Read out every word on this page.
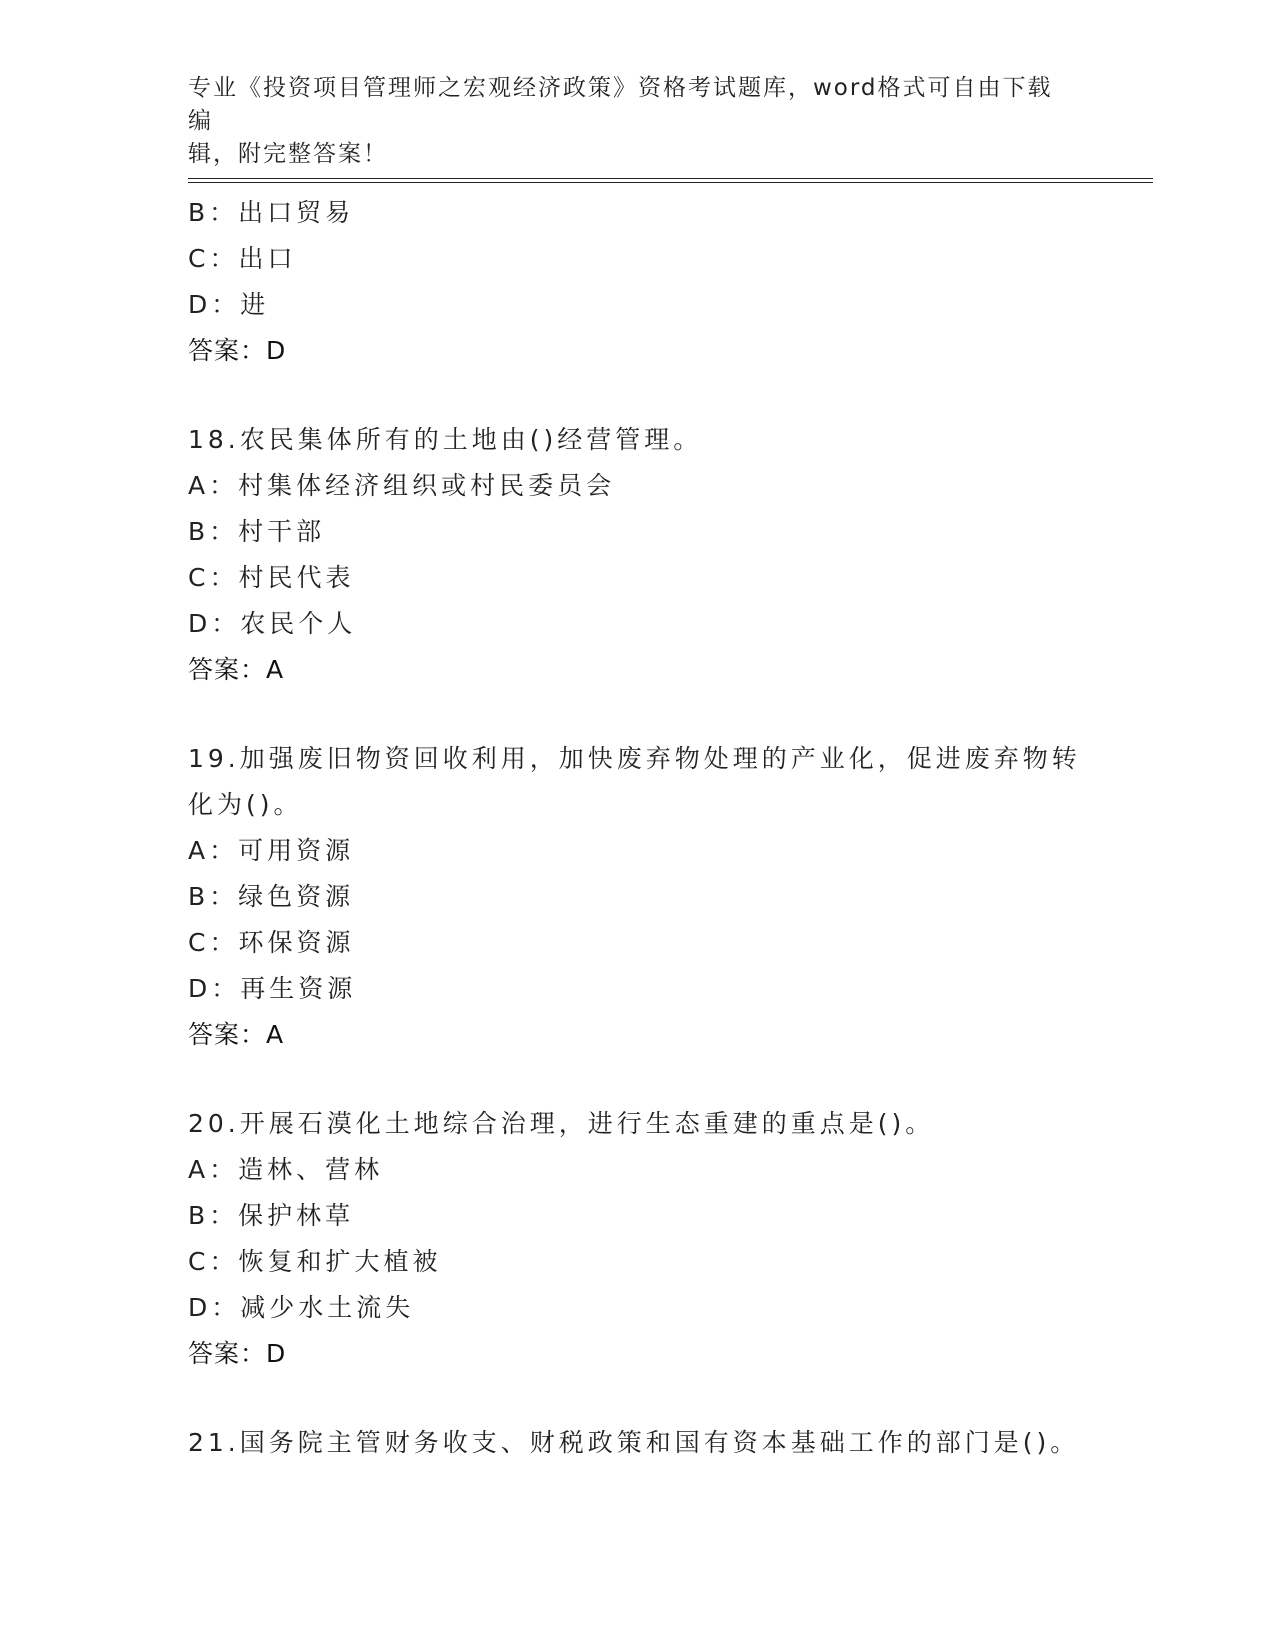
专业《投资项目管理师之宏观经济政策》资格考试题库，word格式可自由下载编
辑，附完整答案！
B：出口贸易
C：出口
D：进
答案：D
18.农民集体所有的土地由()经营管理。
A：村集体经济组织或村民委员会
B：村干部
C：村民代表
D：农民个人
答案：A
19.加强废旧物资回收利用，加快废弃物处理的产业化，促进废弃物转
化为()。
A：可用资源
B：绿色资源
C：环保资源
D：再生资源
答案：A
20.开展石漠化土地综合治理，进行生态重建的重点是()。
A：造林、营林
B：保护林草
C：恢复和扩大植被
D：减少水土流失
答案：D
21.国务院主管财务收支、财税政策和国有资本基础工作的部门是()。
